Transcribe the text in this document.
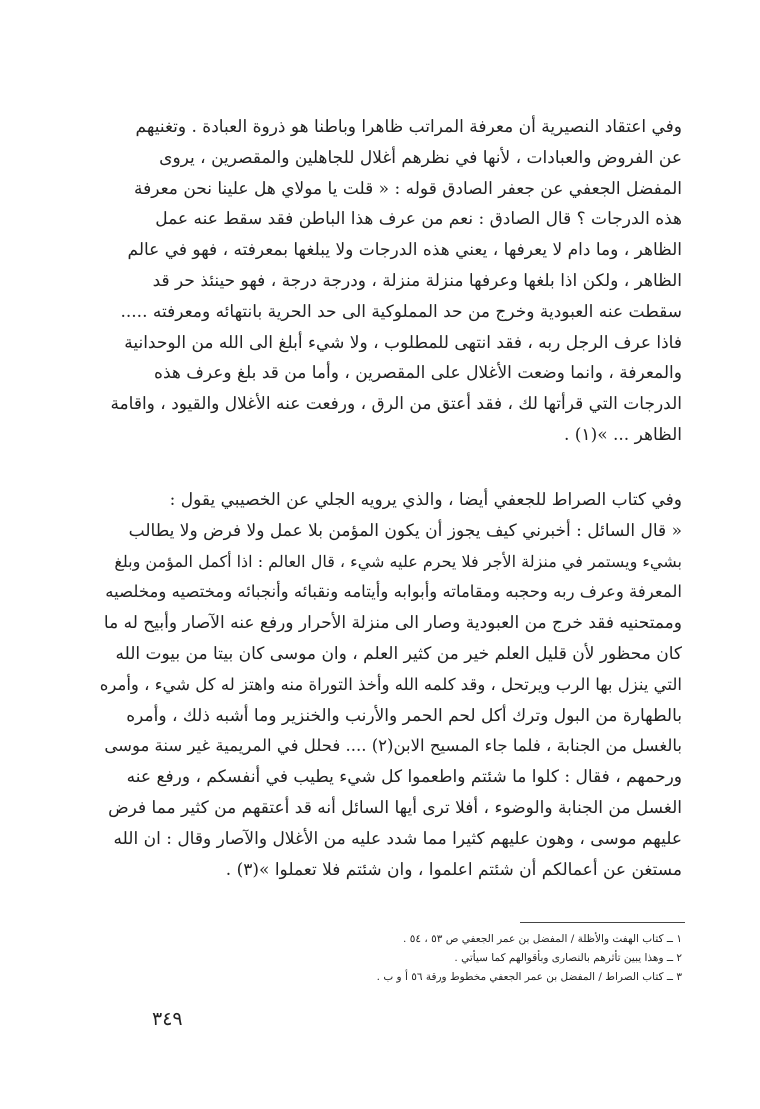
وفي اعتقاد النصيرية أن معرفة المراتب ظاهرا وباطنا هو ذروة العبادة . وتغنيهم
عن الفروض والعبادات ، لأنها في نظرهم أغلال للجاهلين والمقصرين ، يروى
المفضل الجعفي عن جعفر الصادق قوله : « قلت يا مولاي هل علينا نحن معرفة
هذه الدرجات ؟ قال الصادق : نعم من عرف هذا الباطن فقد سقط عنه عمل
الظاهر ، وما دام لا يعرفها ، يعني هذه الدرجات ولا يبلغها بمعرفته ، فهو في عالم
الظاهر ، ولكن اذا بلغها وعرفها منزلة منزلة ، ودرجة درجة ، فهو حينئذ حر قد
سقطت عنه العبودية وخرج من حد المملوكية الى حد الحرية بانتهائه ومعرفته .....
فاذا عرف الرجل ربه ، فقد انتهى للمطلوب ، ولا شيء أبلغ الى الله من الوحدانية
والمعرفة ، وانما وضعت الأغلال على المقصرين ، وأما من قد بلغ وعرف هذه
الدرجات التي قرأتها لك ، فقد أعتق من الرق ، ورفعت عنه الأغلال والقيود ، واقامة
الظاهر ... »(١) .
وفي كتاب الصراط للجعفي أيضا ، والذي يرويه الجلي عن الخصيبي يقول :
« قال السائل : أخبرني كيف يجوز أن يكون المؤمن بلا عمل ولا فرض ولا يطالب
بشيء ويستمر في منزلة الأجر فلا يحرم عليه شيء ، قال العالم : اذا أكمل المؤمن وبلغ
المعرفة وعرف ربه وحجبه ومقاماته وأبوابه وأيتامه ونقبائه وأنجبائه ومختصيه ومخلصيه
وممتحنيه فقد خرج من العبودية وصار الى منزلة الأحرار ورفع عنه الآصار وأبيح له ما
كان محظور لأن قليل العلم خير من كثير العلم ، وان موسى كان بيتا من بيوت الله
التي ينزل بها الرب ويرتحل ، وقد كلمه الله وأخذ التوراة منه واهتز له كل شيء ، وأمره
بالطهارة من البول وترك أكل لحم الحمر والأرنب والخنزير وما أشبه ذلك ، وأمره
بالغسل من الجنابة ، فلما جاء المسيح الابن(٢) .... فحلل في المريمية غير سنة موسى
ورحمهم ، فقال : كلوا ما شئتم واطعموا كل شيء يطيب في أنفسكم ، ورفع عنه
الغسل من الجنابة والوضوء ، أفلا ترى أيها السائل أنه قد أعتقهم من كثير مما فرض
عليهم موسى ، وهون عليهم كثيرا مما شدد عليه من الأغلال والآصار وقال : ان الله
مستغن عن أعمالكم أن شئتم اعلموا ، وان شئتم فلا تعملوا »(٣) .
١ ــ كتاب الهفت والأظلة / المفضل بن عمر الجعفي ص ٥٣ ، ٥٤ .
٢ ــ وهذا يبين تأثرهم بالنصارى وبأقوالهم كما سيأتي .
٣ ــ كتاب الصراط / المفضل بن عمر الجعفي مخطوط ورقة ٥٦ أ و ب .
٣٤٩
